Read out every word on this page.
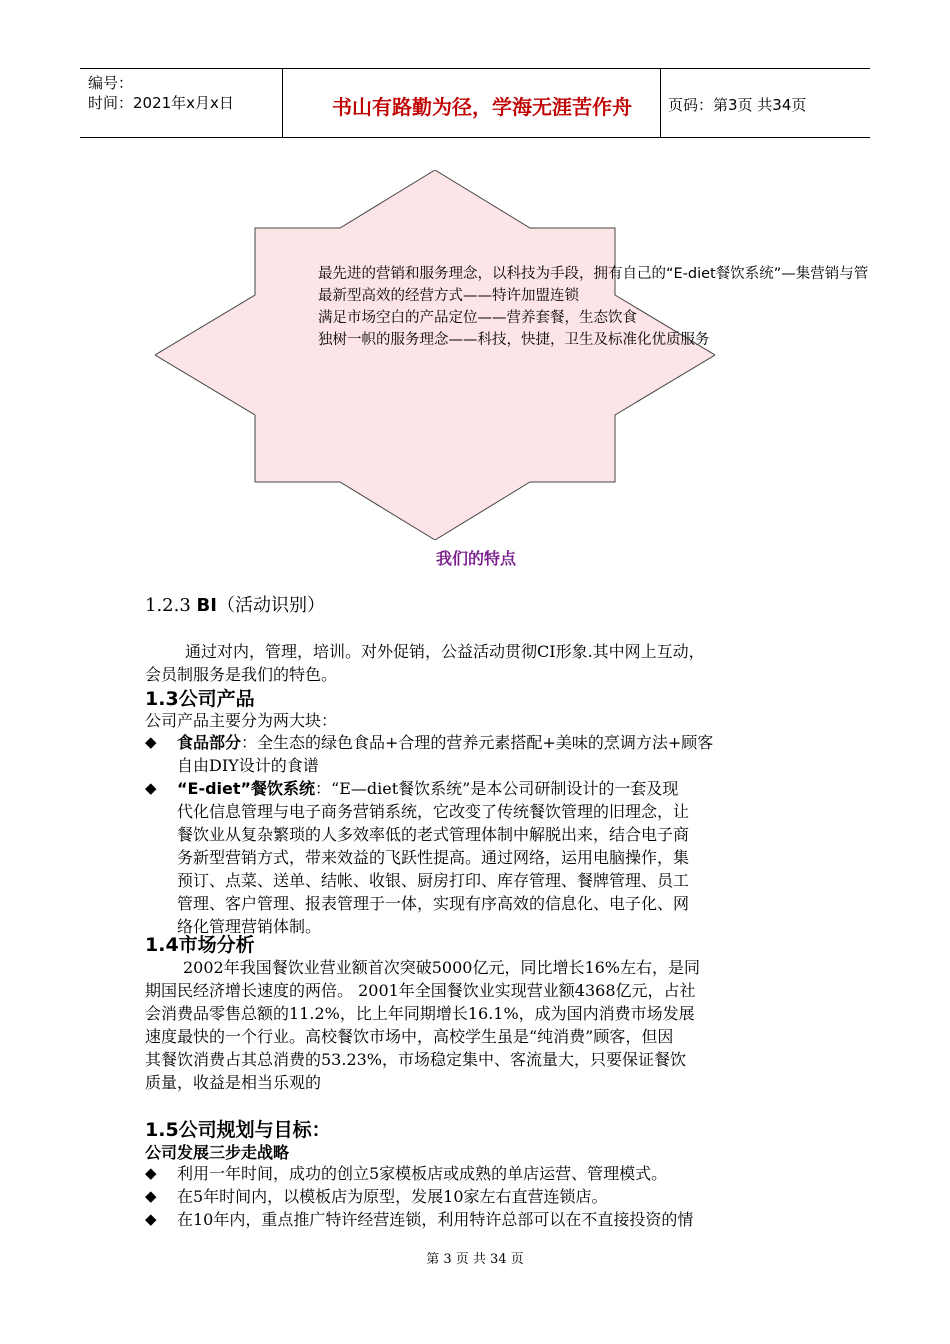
编号：
时间：2021年x月x日	书山有路勤为径，学海无涯苦作舟	页码：第3页 共34页
最先进的营销和服务理念，以科技为手段，拥有自己的“E-diet餐饮系统”—集营销与管
最新型高效的经营方式——特许加盟连锁
满足市场空白的产品定位——营养套餐，生态饮食
独树一帜的服务理念——科技，快捷，卫生及标准化优质服务
我们的特点
1.2.3 BI（活动识别）
通过对内，管理，培训。对外促销，公益活动贯彻CI形象.其中网上互动，
会员制服务是我们的特色。
1.3公司产品
公司产品主要分为两大块：
◆ 食品部分：全生态的绿色食品+合理的营养元素搭配+美味的烹调方法+顾客
自由DIY设计的食谱
◆ “E-diet”餐饮系统：“E—diet餐饮系统”是本公司研制设计的一套及现
代化信息管理与电子商务营销系统，它改变了传统餐饮管理的旧理念，让
餐饮业从复杂繁琐的人多效率低的老式管理体制中解脱出来，结合电子商
务新型营销方式，带来效益的飞跃性提高。通过网络，运用电脑操作，集
预订、点菜、送单、结帐、收银、厨房打印、库存管理、餐牌管理、员工
管理、客户管理、报表管理于一体，实现有序高效的信息化、电子化、网
络化管理营销体制。
1.4市场分析
2002年我国餐饮业营业额首次突破5000亿元，同比增长16%左右，是同
期国民经济增长速度的两倍。 2001年全国餐饮业实现营业额4368亿元，占社
会消费品零售总额的11.2%，比上年同期增长16.1%，成为国内消费市场发展
速度最快的一个行业。高校餐饮市场中，高校学生虽是“纯消费”顾客，但因
其餐饮消费占其总消费的53.23%，市场稳定集中、客流量大，只要保证餐饮
质量，收益是相当乐观的
1.5公司规划与目标：
公司发展三步走战略
◆ 利用一年时间，成功的创立5家模板店或成熟的单店运营、管理模式。
◆ 在5年时间内，以模板店为原型，发展10家左右直营连锁店。
◆ 在10年内，重点推广特许经营连锁，利用特许总部可以在不直接投资的情
第 3 页 共 34 页
